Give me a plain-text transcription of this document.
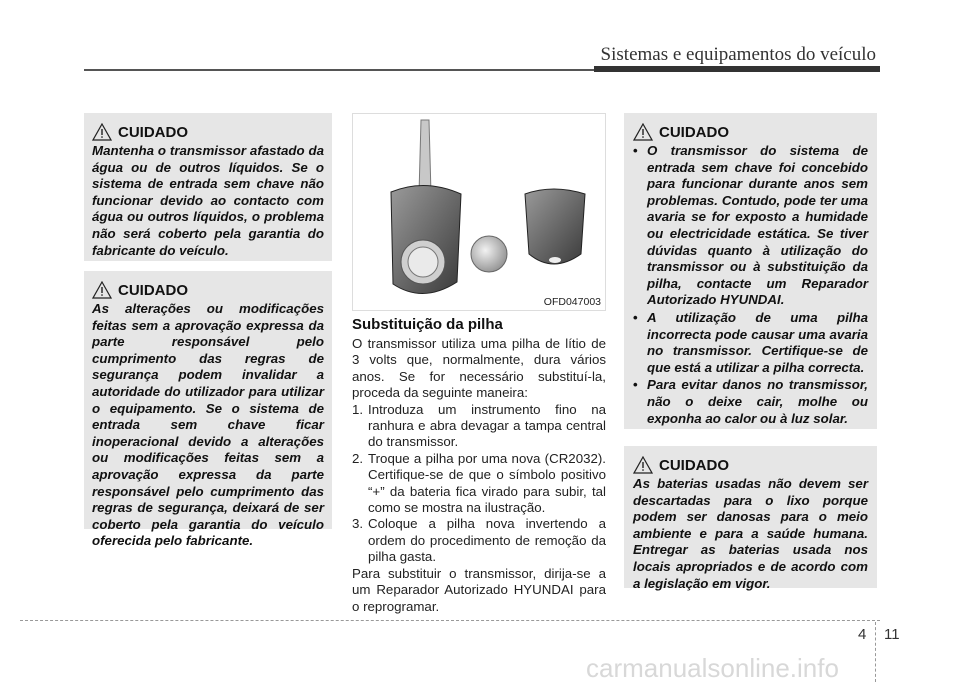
Sistemas e equipamentos do veículo
CUIDADO
Mantenha o transmissor afastado da água ou de outros líquidos. Se o sistema de entrada sem chave não funcionar devido ao contacto com água ou outros líquidos, o problema não será coberto pela garantia do fabricante do veículo.
CUIDADO
As alterações ou modificações feitas sem a aprovação expressa da parte responsável pelo cumprimento das regras de segurança podem invalidar a autoridade do utilizador para utilizar o equipamento. Se o sistema de entrada sem chave ficar inoperacional devido a alterações ou modificações feitas sem a aprovação expressa da parte responsável pelo cumprimento das regras de segurança, deixará de ser coberto pela garantia do veículo oferecida pelo fabricante.
OFD047003
Substituição da pilha

O transmissor utiliza uma pilha de lítio de 3 volts que, normalmente, dura vários anos. Se for necessário substituí-la, proceda da seguinte maneira:

1. Introduza um instrumento fino na ranhura e abra devagar a tampa central do transmissor.
2. Troque a pilha por uma nova (CR2032). Certifique-se de que o símbolo positivo “+” da bateria fica virado para subir, tal como se mostra na ilustração.
3. Coloque a pilha nova invertendo a ordem do procedimento de remoção da pilha gasta.

Para substituir o transmissor, dirija-se a um Reparador Autorizado HYUNDAI para o reprogramar.

CUIDADO
• O transmissor do sistema de entrada sem chave foi concebido para funcionar durante anos sem problemas. Contudo, pode ter uma avaria se for exposto a humidade ou electricidade estática. Se tiver dúvidas quanto à utilização do transmissor ou à substituição da pilha, contacte um Reparador Autorizado HYUNDAI.
• A utilização de uma pilha incorrecta pode causar uma avaria no transmissor. Certifique-se de que está a utilizar a pilha correcta.
• Para evitar danos no transmissor, não o deixe cair, molhe ou exponha ao calor ou à luz solar.
CUIDADO
As baterias usadas não devem ser descartadas para o lixo porque podem ser danosas para o meio ambiente e para a saúde humana. Entregar as baterias usada nos locais apropriados e de acordo com a legislação em vigor.
4 11
carmanualsonline.info
